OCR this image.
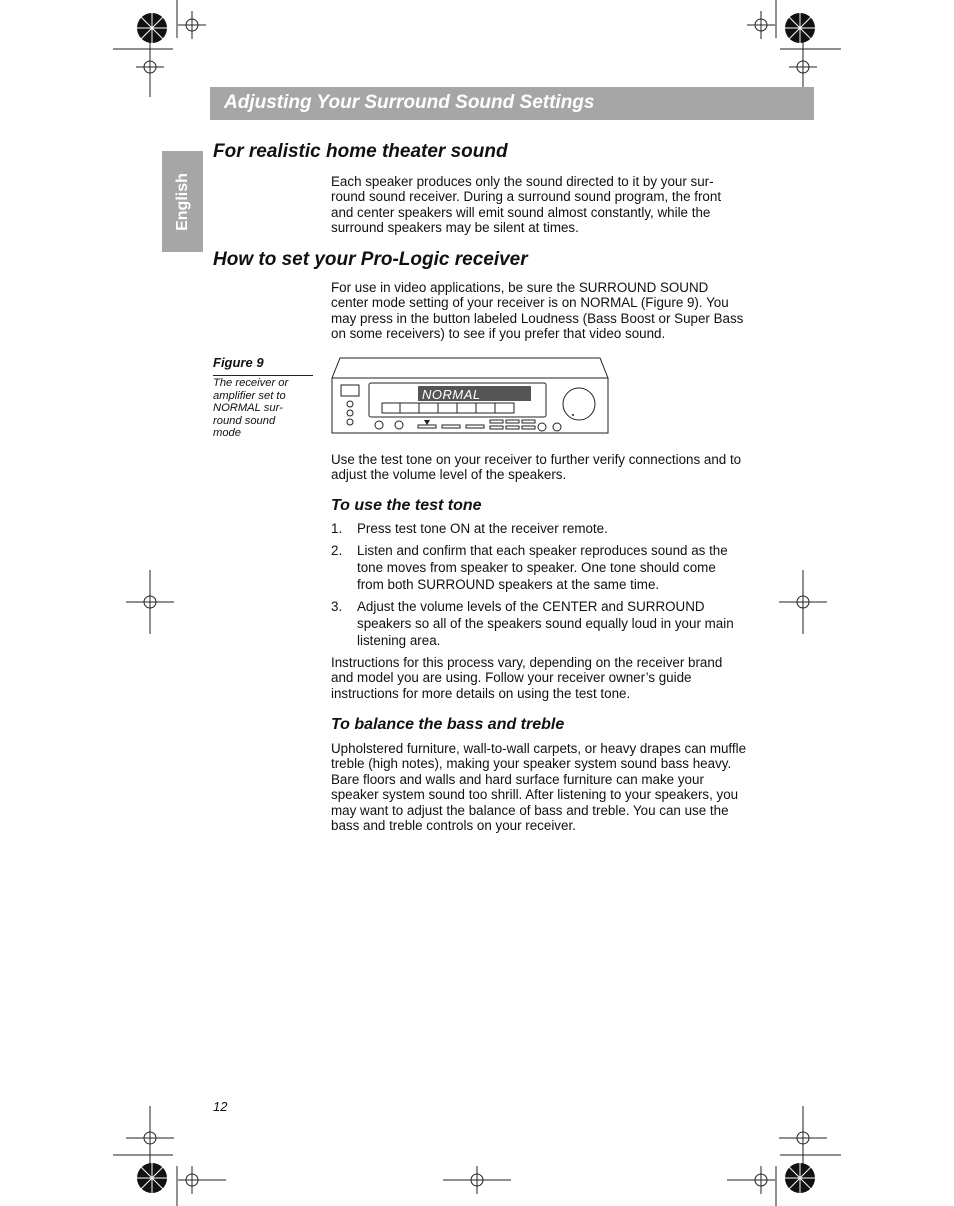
Adjusting Your Surround Sound Settings
English
For realistic home theater sound

Each speaker produces only the sound directed to it by your sur- round sound receiver. During a surround sound program, the front and center speakers will emit sound almost constantly, while the surround speakers may be silent at times.

How to set your Pro-Logic receiver

For use in video applications, be sure the SURROUND SOUND center mode setting of your receiver is on NORMAL (Figure 9). You may press in the button labeled Loudness (Bass Boost or Super Bass on some receivers) to see if you prefer that video sound.

Figure 9

The receiver or amplifier set to NORMAL sur- round sound mode

NORMAL

Use the test tone on your receiver to further verify connections and to adjust the volume level of the speakers.

To use the test tone
1. Press test tone ON at the receiver remote.
2. Listen and confirm that each speaker reproduces sound as the tone moves from speaker to speaker. One tone should come from both SURROUND speakers at the same time.
3. Adjust the volume levels of the CENTER and SURROUND speakers so all of the speakers sound equally loud in your main listening area.

Instructions for this process vary, depending on the receiver brand and model you are using. Follow your receiver owner’s guide instructions for more details on using the test tone.

To balance the bass and treble

Upholstered furniture, wall-to-wall carpets, or heavy drapes can muffle treble (high notes), making your speaker system sound bass heavy. Bare floors and walls and hard surface furniture can make your speaker system sound too shrill. After listening to your speakers, you may want to adjust the balance of bass and treble. You can use the bass and treble controls on your receiver.

12
